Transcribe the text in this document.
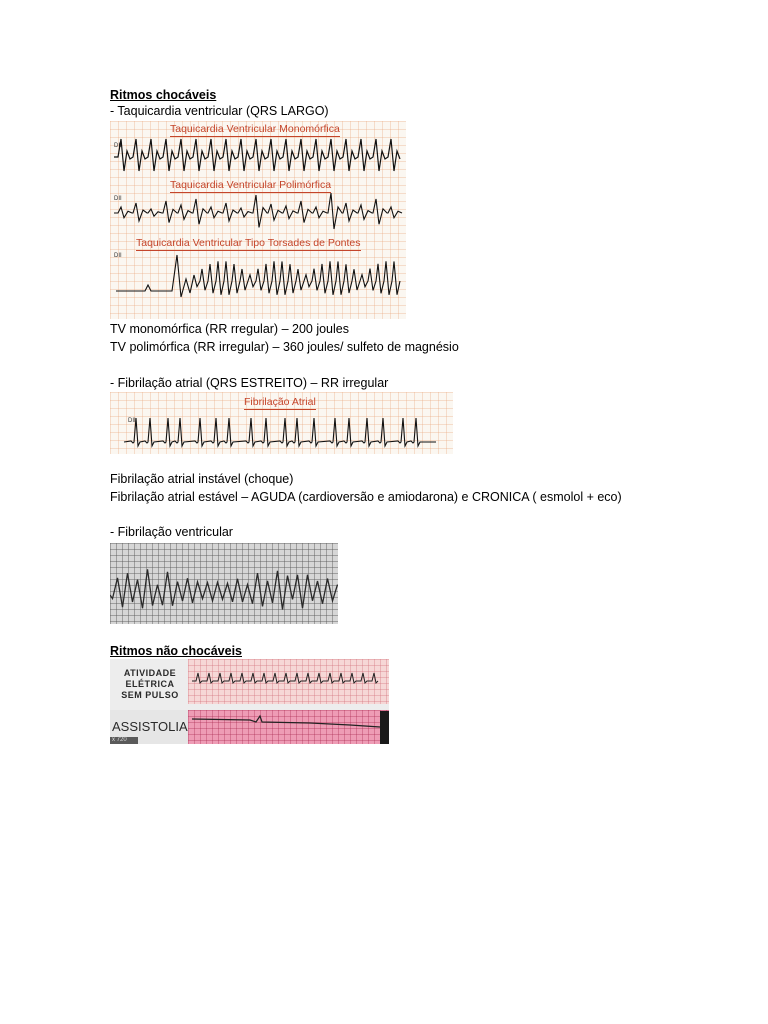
Ritmos chocáveis
- Taquicardia ventricular (QRS LARGO)
Taquicardia Ventricular Monomórfica
DII
Taquicardia Ventricular Polimórfica
DII
Taquicardia Ventricular Tipo Torsades de Pontes
DII
TV monomórfica (RR rregular) – 200 joules
TV polimórfica (RR irregular) – 360 joules/ sulfeto de magnésio
- Fibrilação atrial (QRS ESTREITO) – RR irregular
Fibrilação Atrial
DII
Fibrilação atrial instável (choque)
Fibrilação atrial estável – AGUDA (cardioversão e amiodarona) e CRONICA ( esmolol + eco)
- Fibrilação ventricular
Ritmos não chocáveis
ATIVIDADE
ELÉTRICA
SEM PULSO
ASSISTOLIA
x 720
